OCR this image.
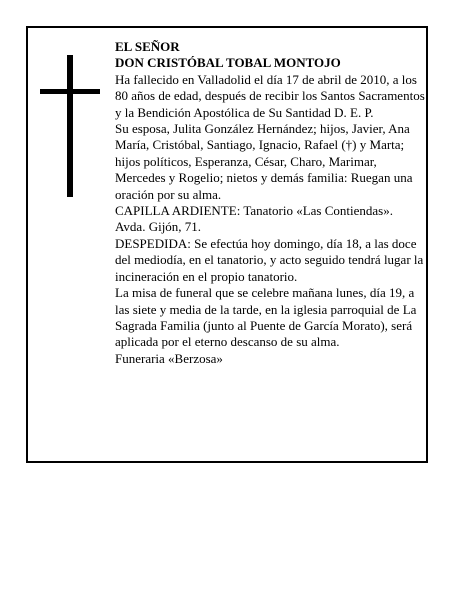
EL SEÑOR

DON CRISTÓBAL TOBAL MONTOJO

Ha fallecido en Valladolid el día 17 de abril de 2010, a los 80 años de edad, después de recibir los Santos Sacramentos y la Bendición Apostólica de Su Santidad D. E. P.

Su esposa, Julita González Hernández; hijos, Javier, Ana María, Cristóbal, Santiago, Ignacio, Rafael (†) y Marta; hijos políticos, Esperanza, César, Charo, Marimar, Mercedes y Rogelio; nietos y demás familia: Ruegan una oración por su alma.

CAPILLA ARDIENTE: Tanatorio «Las Contiendas». Avda. Gijón, 71.

DESPEDIDA: Se efectúa hoy domingo, día 18, a las doce del mediodía, en el tanatorio, y acto seguido tendrá lugar la incineración en el propio tanatorio.

La misa de funeral que se celebre mañana lunes, día 19, a las siete y media de la tarde, en la iglesia parroquial de La Sagrada Familia (junto al Puente de García Morato), será aplicada por el eterno descanso de su alma.

Funeraria «Berzosa»
